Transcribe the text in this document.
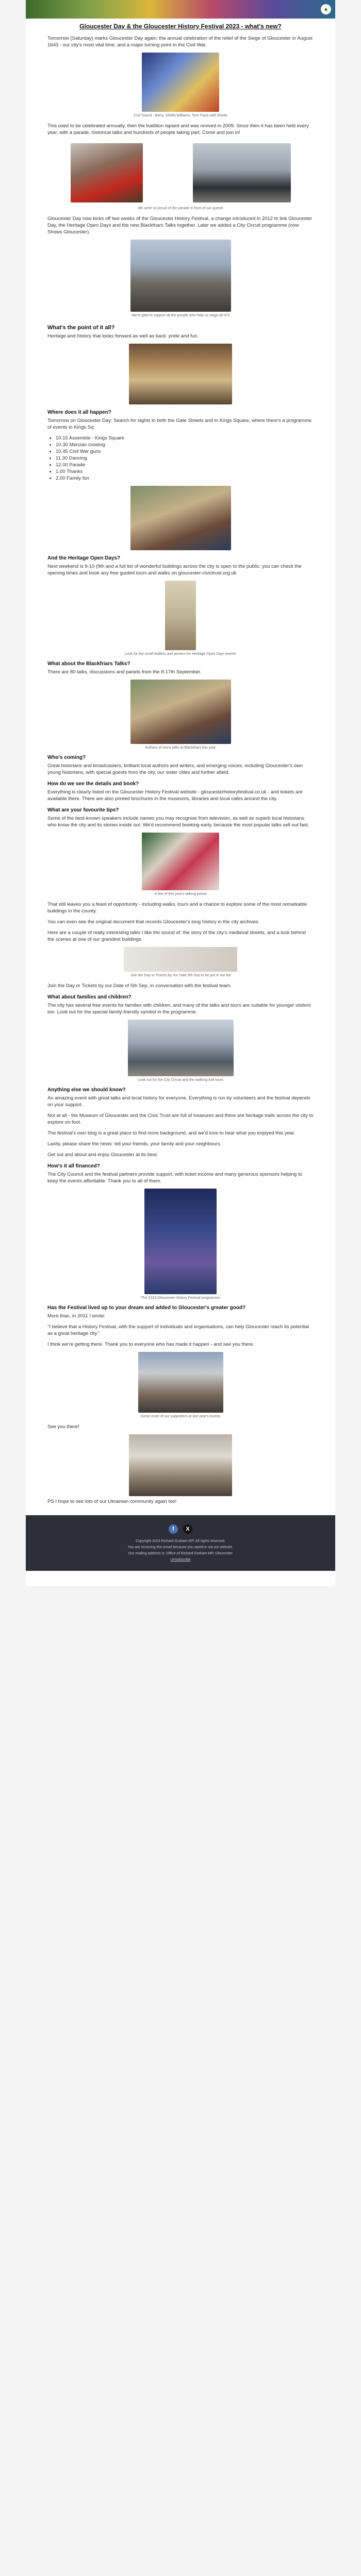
♠
Gloucester Day & the Gloucester History Festival 2023 - what's new?

Tomorrow (Saturday) marks Gloucester Day again: the annual celebration of the relief of the Siege of Gloucester in August 1643 - our city's most vital time, and a major turning point in the Civil War.

Civil Sword - Berry, Sheila Williams, Tom Trace with Sheila

This used to be celebrated annually, then the tradition lapsed and was revived in 2009. Since then it has been held every year, with a parade, historical talks and hundreds of people taking part. Come and join in!

We were so proud of the parade in front of our guests

Gloucester Day now kicks off two weeks of the Gloucester History Festival, a change introduced in 2012 to link Gloucester Day, the Heritage Open Days and the new Blackfriars Talks together. Later we added a City Circuit programme (now Shows Gloucester).

We're glad to support all the people who help us stage all of it
What's the point of it all?

Heritage and history that looks forward as well as back: pride and fun.

Where does it all happen?

Tomorrow on Gloucester Day: Search for sights in both the Gate Streets and in Kings Square, where there's a programme of events in Kings Sq:

• 10.15 Assemble - Kings Square
• 10.30 Mercian crowing
• 10.45 Civil War guns
• 11.30 Dancing
• 12.00 Parade
• 1.00 Thanks
• 2.00 Family fun
And the Heritage Open Days?

Next weekend is 9-10 (9th and a full list of wonderful buildings across the city is open to the public: you can check the opening times and book any free guided tours and walks on gloucester-civictrust.org.uk

Look for the small leaflets and posters for Heritage Open Days events
What about the Blackfriars Talks?

There are 80 talks, discussions and panels from the 8-17th September.

Authors of more talks at Blackfriars this year
Who's coming?

Great historians and broadcasters, brilliant local authors and writers, and emerging voices, including Gloucester's own young historians, with special guests from the city, our sister cities and further afield.

How do we see the details and book?

Everything is clearly listed on the Gloucester History Festival website - gloucesterhistoryfestival.co.uk - and tickets are available there. There are also printed brochures in the museums, libraries and local cafes around the city.

What are your favourite tips?

Some of the best-known speakers include names you may recognise from television, as well as superb local historians who know the city and its stories inside out. We'd recommend booking early, because the most popular talks sell out fast.

A few of this year's talking points

That still leaves you a feast of opportunity - including walks, tours and a chance to explore some of the most remarkable buildings in the county.

You can even see the original document that records Gloucester's long history in the city archives.

Here are a couple of really interesting talks I like the sound of: the story of the city's medieval streets, and a look behind the scenes at one of our grandest buildings.

Join the Day or Tickets by our Date 5th Sep to be put in our list

Join the Day or Tickets by our Date of 5th Sep, in conversation with the festival team.

What about families and children?

The city has several free events for families with children, and many of the talks and tours are suitable for younger visitors too. Look out for the special family-friendly symbol in the programme.

Look out for the City Circuit and the walking trail tours
Anything else we should know?

An amazing event with great talks and local history for everyone. Everything is run by volunteers and the festival depends on your support.

Not at all - the Museum of Gloucester and the Civic Trust are full of treasures and there are heritage trails across the city to explore on foot.

The festival's own blog is a great place to find more background, and we'd love to hear what you enjoyed this year.

Lastly, please share the news: tell your friends, your family and your neighbours.

Get out and about and enjoy Gloucester at its best.

How's it all financed?

The City Council and the festival partners provide support, with ticket income and many generous sponsors helping to keep the events affordable. Thank you to all of them.

The 2023 Gloucester History Festival programme
Has the Festival lived up to your dream and added to Gloucester's greater good?

More than, in 2011 I wrote:

"I believe that a History Festival, with the support of individuals and organisations, can help Gloucester reach its potential as a great heritage city."

I think we're getting there. Thank you to everyone who has made it happen - and see you there.

Some more of our supporters at last year's events

See you there!

PS I hope to see lots of our Ukrainian community again too!

f	X

Copyright 2023 Richard Graham MP, All rights reserved.

You are receiving this email because you opted in via our website.

Our mailing address is: Office of Richard Graham MP, Gloucester

Unsubscribe
